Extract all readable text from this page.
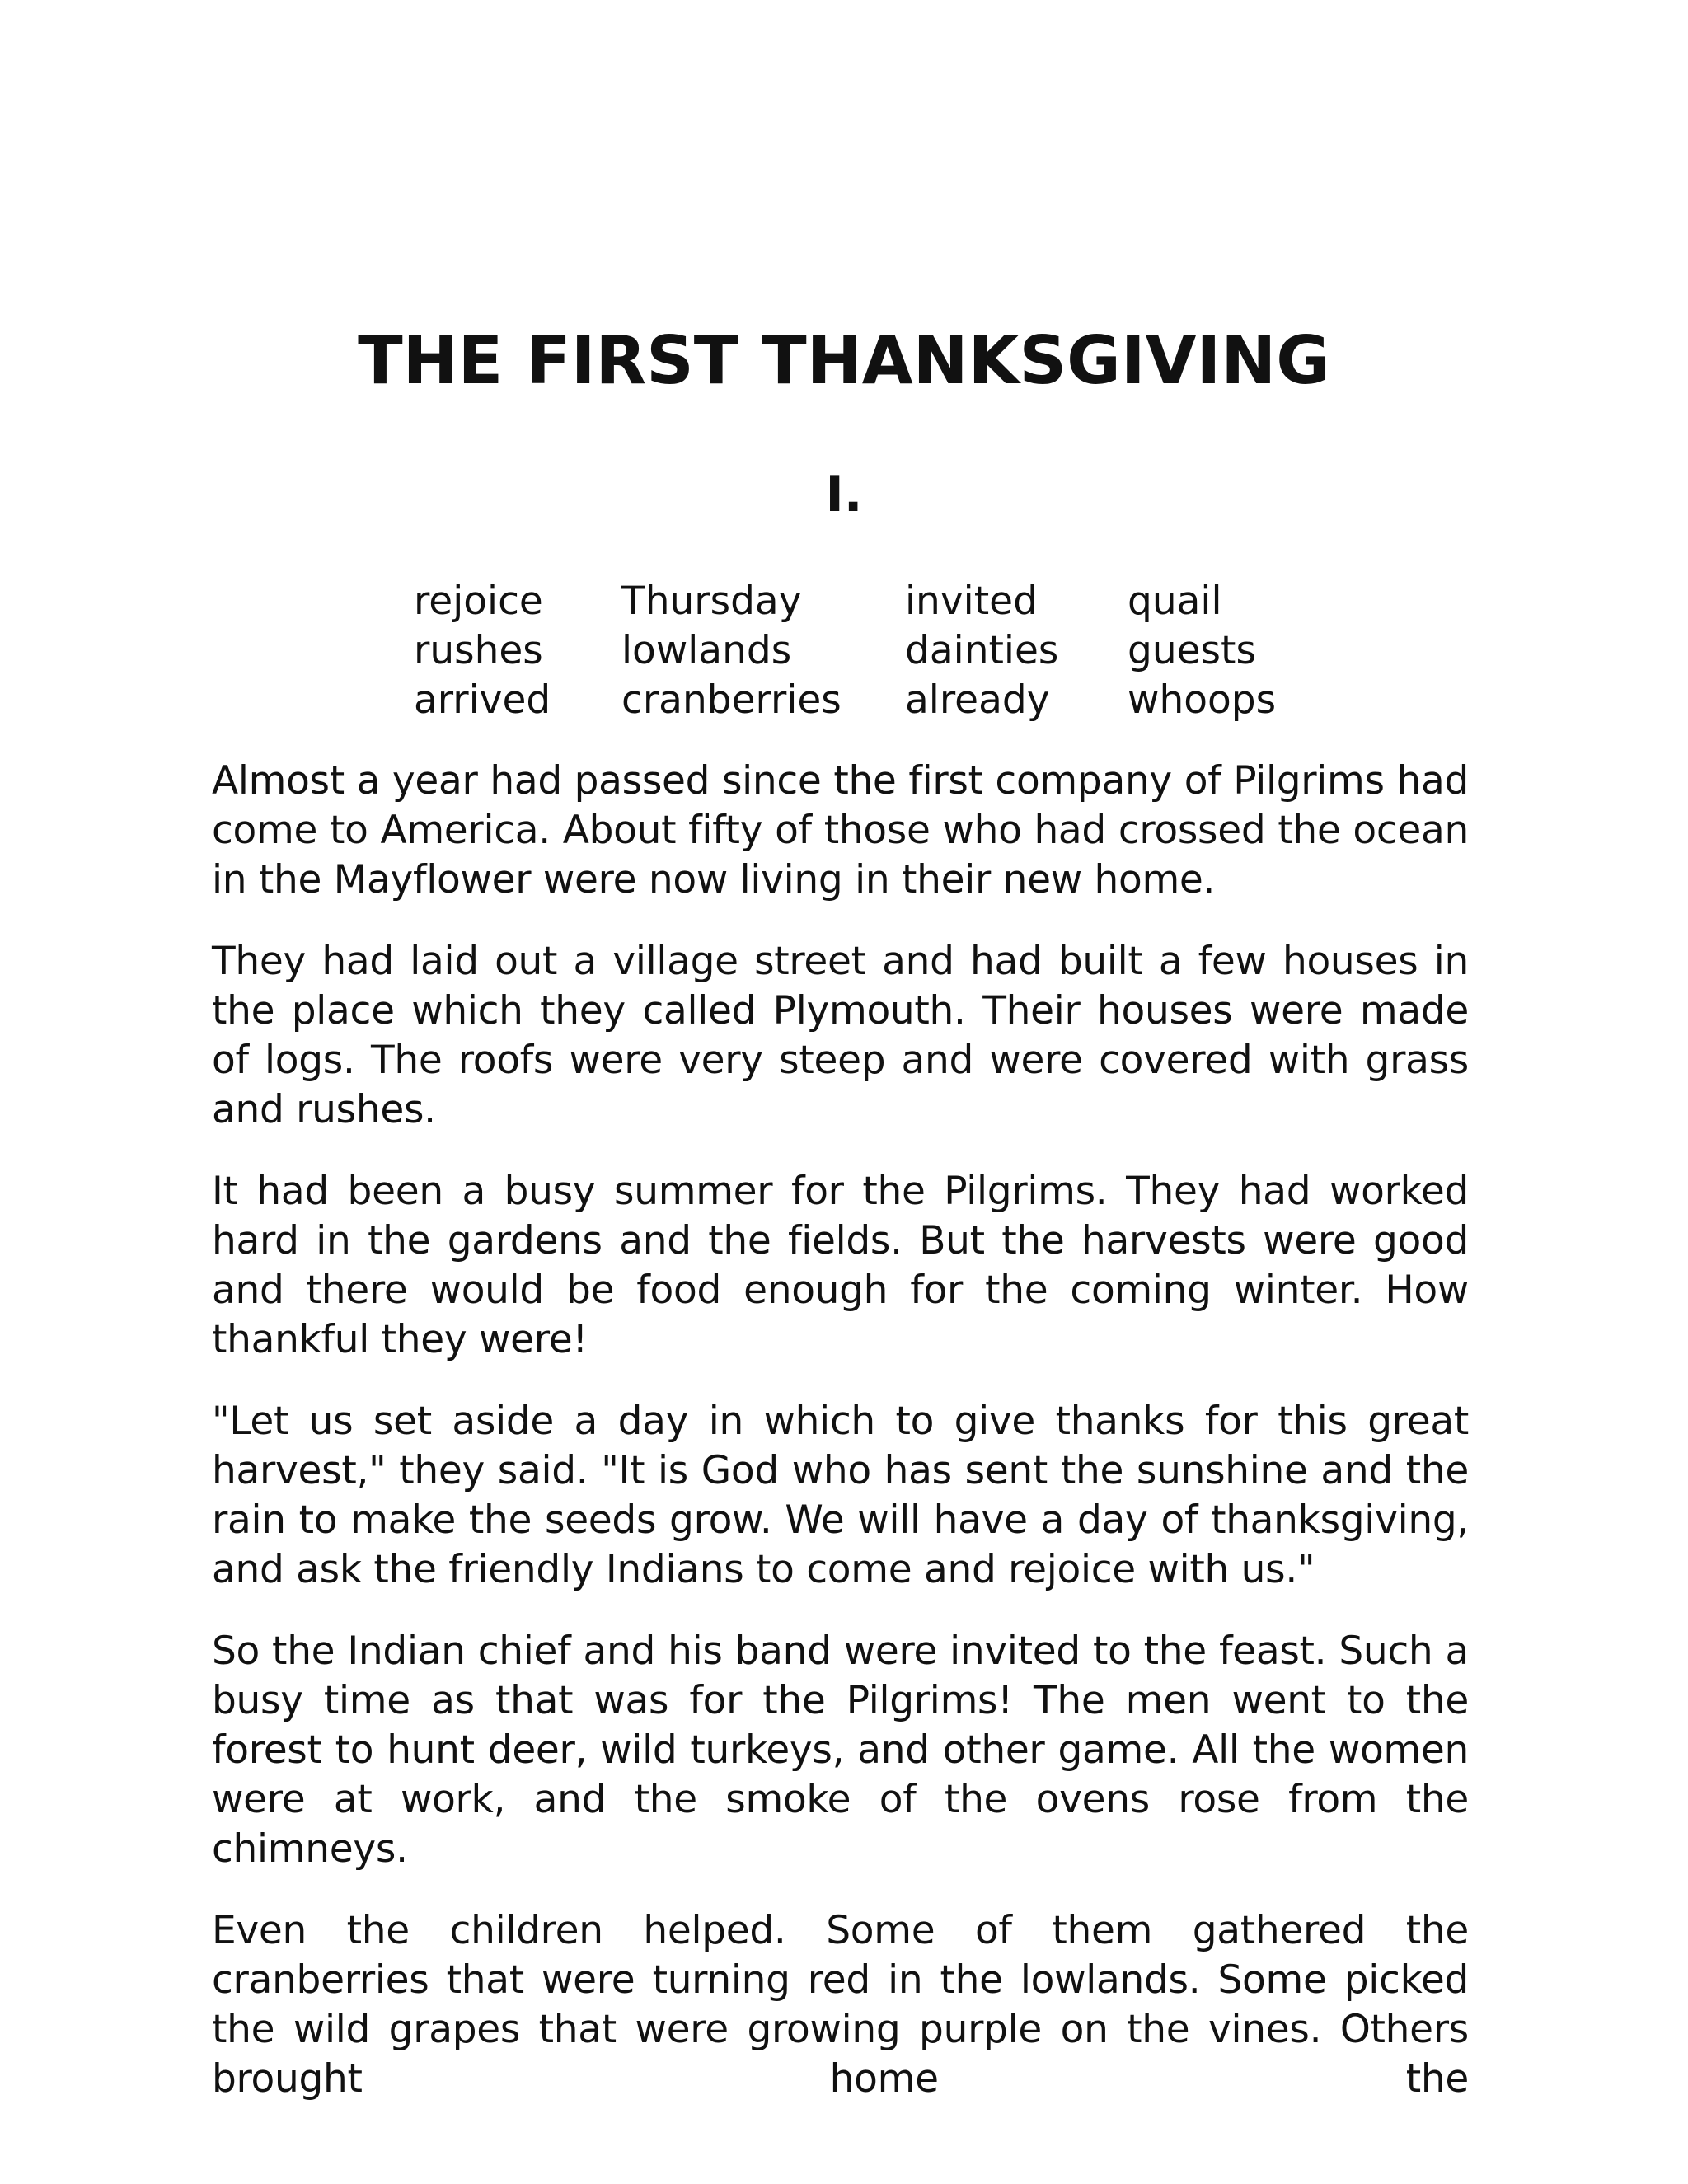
THE FIRST THANKSGIVING
I.
rejoice	Thursday	invited	quail
rushes	lowlands	dainties	guests
arrived	cranberries	already	whoops

Almost a year had passed since the first company of Pilgrims had come to America. About fifty of those who had crossed the ocean in the Mayflower were now living in their new home.

They had laid out a village street and had built a few houses in the place which they called Plymouth. Their houses were made of logs. The roofs were very steep and were covered with grass and rushes.

It had been a busy summer for the Pilgrims. They had worked hard in the gardens and the fields. But the harvests were good and there would be food enough for the coming winter. How thankful they were!

"Let us set aside a day in which to give thanks for this great harvest," they said. "It is God who has sent the sunshine and the rain to make the seeds grow. We will have a day of thanksgiving, and ask the friendly Indians to come and rejoice with us."

So the Indian chief and his band were invited to the feast. Such a busy time as that was for the Pilgrims! The men went to the forest to hunt deer, wild turkeys, and other game. All the women were at work, and the smoke of the ovens rose from the chimneys.

Even the children helped. Some of them gathered the cranberries that were turning red in the lowlands. Some picked the wild grapes that were growing purple on the vines. Others brought home the
